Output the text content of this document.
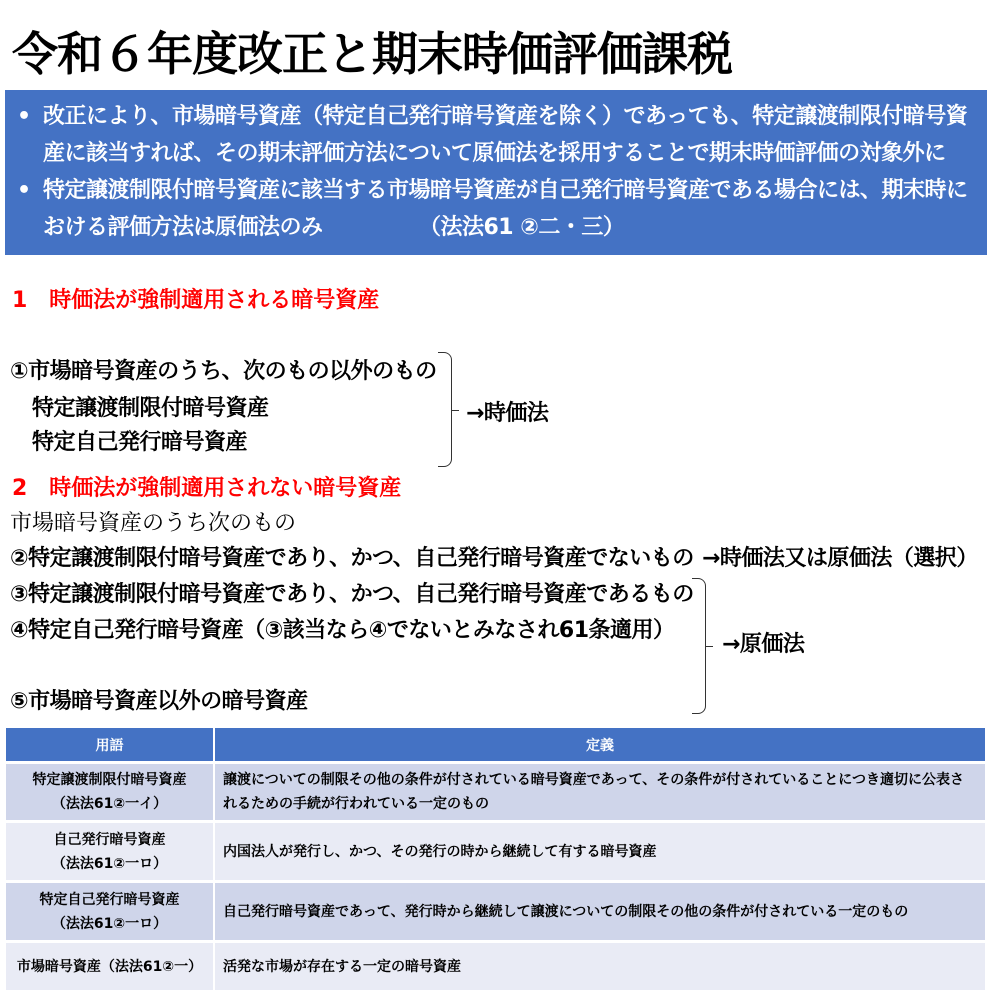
令和６年度改正と期末時価評価課税
• 改正により、市場暗号資産（特定自己発行暗号資産を除く）であっても、特定譲渡制限付暗号資産に該当すれば、その期末評価方法について原価法を採用することで期末時価評価の対象外に
• 特定譲渡制限付暗号資産に該当する市場暗号資産が自己発行暗号資産である場合には、期末時における評価方法は原価法のみ　　　　　（法法61 ②二・三）
1　時価法が強制適用される暗号資産
①市場暗号資産のうち、次のもの以外のもの
特定譲渡制限付暗号資産
特定自己発行暗号資産
→時価法
2　時価法が強制適用されない暗号資産
市場暗号資産のうち次のもの
②特定譲渡制限付暗号資産であり、かつ、自己発行暗号資産でないもの →時価法又は原価法（選択）
③特定譲渡制限付暗号資産であり、かつ、自己発行暗号資産であるもの
④特定自己発行暗号資産（③該当なら④でないとみなされ61条適用）
⑤市場暗号資産以外の暗号資産
→原価法
用語	定義

特定譲渡制限付暗号資産
（法法61②一イ）	譲渡についての制限その他の条件が付されている暗号資産であって、その条件が付されていることにつき適切に公表されるための手続が行われている一定のもの

自己発行暗号資産
（法法61②一ロ）	内国法人が発行し、かつ、その発行の時から継続して有する暗号資産

特定自己発行暗号資産
（法法61②一ロ）	自己発行暗号資産であって、発行時から継続して譲渡についての制限その他の条件が付されている一定のもの

市場暗号資産（法法61②一）	活発な市場が存在する一定の暗号資産
